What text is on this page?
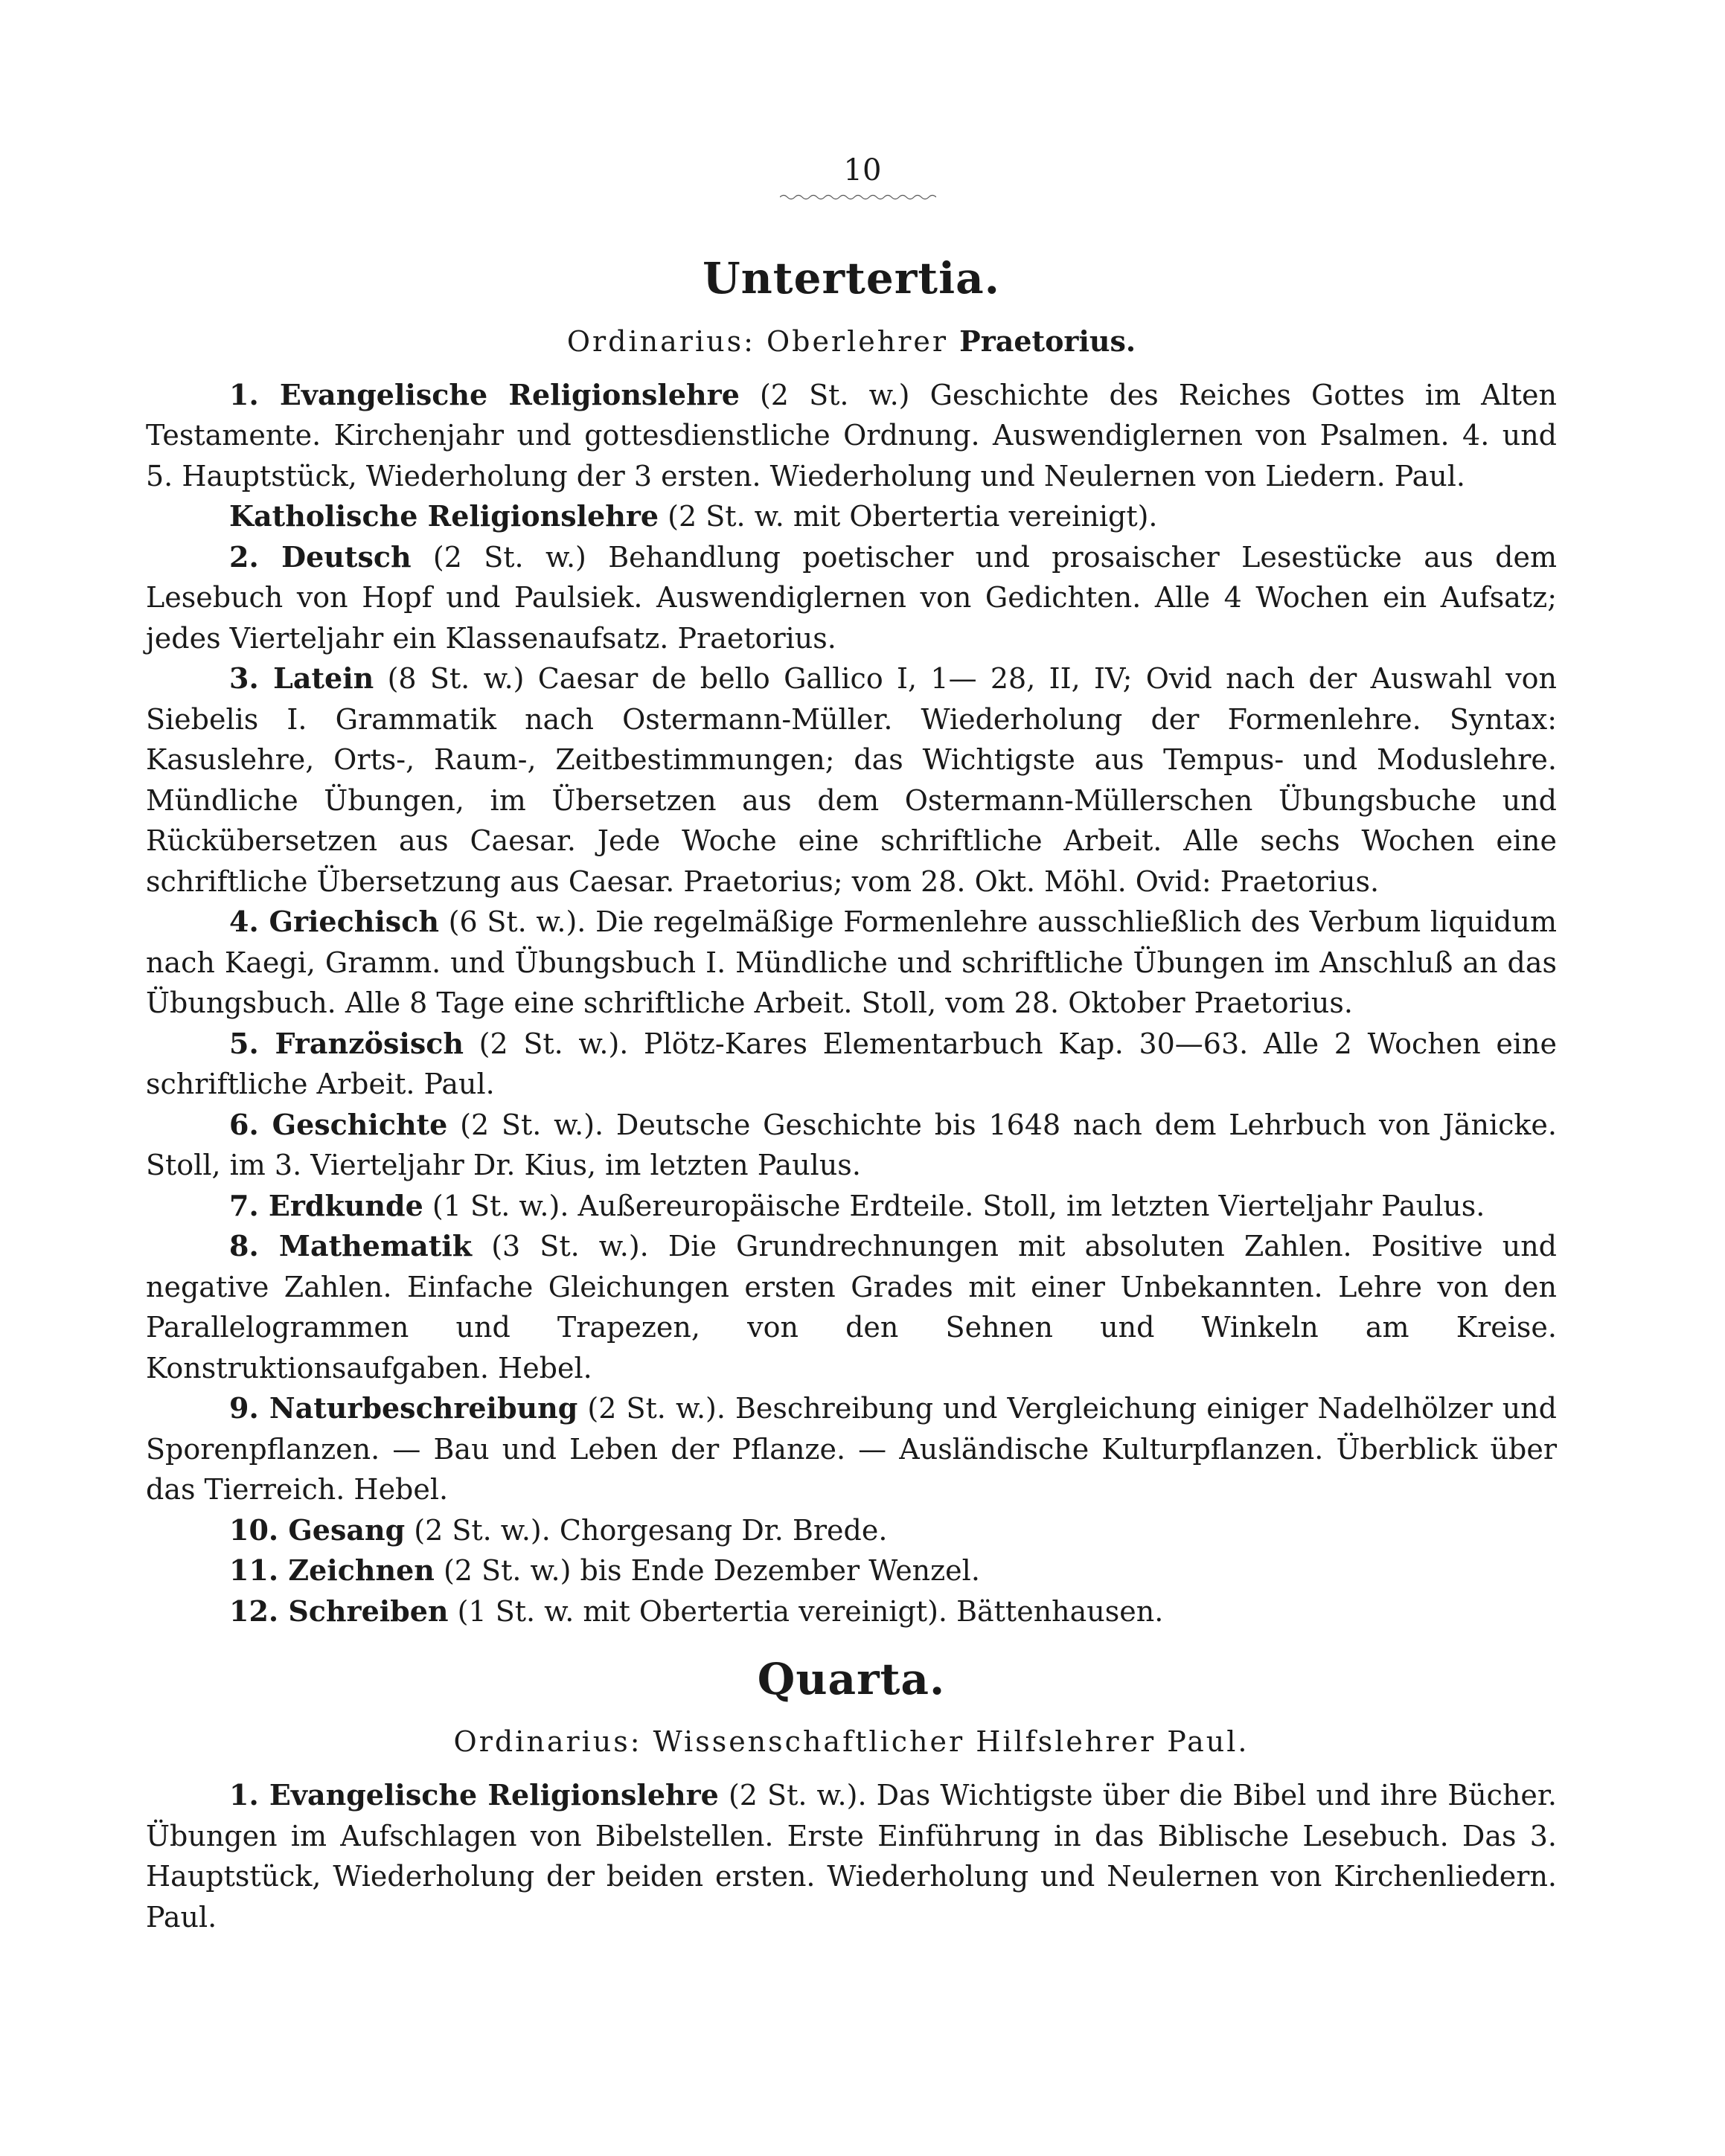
10
Untertertia.
Ordinarius: Oberlehrer Praetorius.

1. Evangelische Religionslehre (2 St. w.) Geschichte des Reiches Gottes im Alten Testamente. Kirchenjahr und gottesdienstliche Ordnung. Auswendiglernen von Psalmen. 4. und 5. Hauptstück, Wiederholung der 3 ersten. Wiederholung und Neulernen von Liedern. Paul.

Katholische Religionslehre (2 St. w. mit Obertertia vereinigt).

2. Deutsch (2 St. w.) Behandlung poetischer und prosaischer Lesestücke aus dem Lesebuch von Hopf und Paulsiek. Auswendiglernen von Gedichten. Alle 4 Wochen ein Aufsatz; jedes Vierteljahr ein Klassenaufsatz. Praetorius.

3. Latein (8 St. w.) Caesar de bello Gallico I, 1— 28, II, IV; Ovid nach der Auswahl von Siebelis I. Grammatik nach Ostermann-Müller. Wiederholung der Formenlehre. Syntax: Kasuslehre, Orts-, Raum-, Zeitbestimmungen; das Wichtigste aus Tempus- und Moduslehre. Mündliche Übungen, im Übersetzen aus dem Ostermann-Müllerschen Übungsbuche und Rückübersetzen aus Caesar. Jede Woche eine schriftliche Arbeit. Alle sechs Wochen eine schriftliche Übersetzung aus Caesar. Praetorius; vom 28. Okt. Möhl. Ovid: Praetorius.

4. Griechisch (6 St. w.). Die regelmäßige Formenlehre ausschließlich des Verbum liquidum nach Kaegi, Gramm. und Übungsbuch I. Mündliche und schriftliche Übungen im Anschluß an das Übungsbuch. Alle 8 Tage eine schriftliche Arbeit. Stoll, vom 28. Oktober Praetorius.

5. Französisch (2 St. w.). Plötz-Kares Elementarbuch Kap. 30—63. Alle 2 Wochen eine schriftliche Arbeit. Paul.

6. Geschichte (2 St. w.). Deutsche Geschichte bis 1648 nach dem Lehrbuch von Jänicke. Stoll, im 3. Vierteljahr Dr. Kius, im letzten Paulus.

7. Erdkunde (1 St. w.). Außereuropäische Erdteile. Stoll, im letzten Vierteljahr Paulus.

8. Mathematik (3 St. w.). Die Grundrechnungen mit absoluten Zahlen. Positive und negative Zahlen. Einfache Gleichungen ersten Grades mit einer Unbekannten. Lehre von den Parallelogrammen und Trapezen, von den Sehnen und Winkeln am Kreise. Konstruktionsaufgaben. Hebel.

9. Naturbeschreibung (2 St. w.). Beschreibung und Vergleichung einiger Nadelhölzer und Sporenpflanzen. — Bau und Leben der Pflanze. — Ausländische Kulturpflanzen. Überblick über das Tierreich. Hebel.

10. Gesang (2 St. w.). Chorgesang Dr. Brede.

11. Zeichnen (2 St. w.) bis Ende Dezember Wenzel.

12. Schreiben (1 St. w. mit Obertertia vereinigt). Bättenhausen.

Quarta.
Ordinarius: Wissenschaftlicher Hilfslehrer Paul.

1. Evangelische Religionslehre (2 St. w.). Das Wichtigste über die Bibel und ihre Bücher. Übungen im Aufschlagen von Bibelstellen. Erste Einführung in das Biblische Lesebuch. Das 3. Hauptstück, Wiederholung der beiden ersten. Wiederholung und Neulernen von Kirchenliedern. Paul.
